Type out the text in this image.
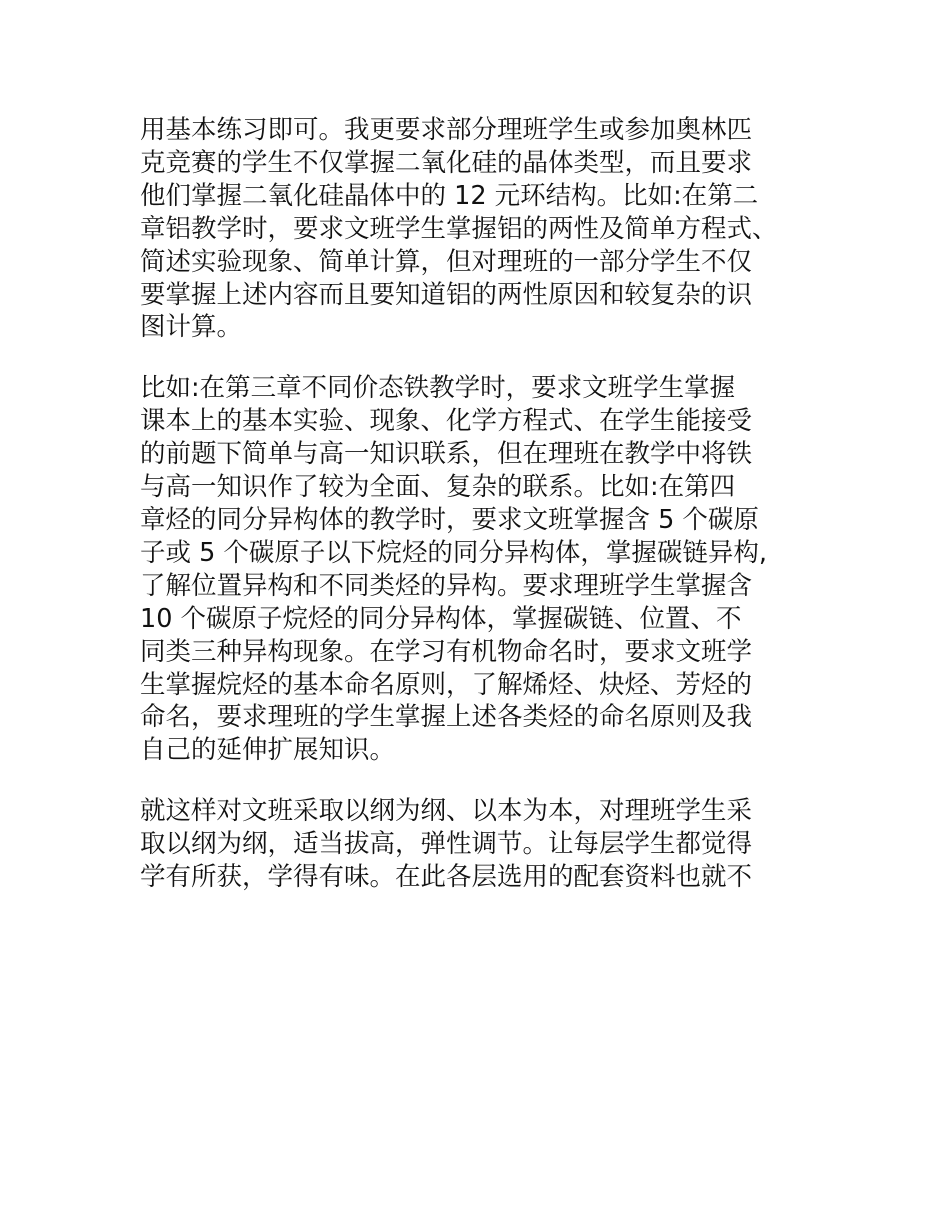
用基本练习即可。我更要求部分理班学生或参加奥林匹
克竞赛的学生不仅掌握二氧化硅的晶体类型，而且要求
他们掌握二氧化硅晶体中的 12 元环结构。比如:在第二
章铝教学时，要求文班学生掌握铝的两性及简单方程式、
简述实验现象、简单计算，但对理班的一部分学生不仅
要掌握上述内容而且要知道铝的两性原因和较复杂的识
图计算。
比如:在第三章不同价态铁教学时，要求文班学生掌握
课本上的基本实验、现象、化学方程式、在学生能接受
的前题下简单与高一知识联系，但在理班在教学中将铁
与高一知识作了较为全面、复杂的联系。比如:在第四
章烃的同分异构体的教学时，要求文班掌握含 5 个碳原
子或 5 个碳原子以下烷烃的同分异构体，掌握碳链异构,
了解位置异构和不同类烃的异构。要求理班学生掌握含
10 个碳原子烷烃的同分异构体，掌握碳链、位置、不
同类三种异构现象。在学习有机物命名时，要求文班学
生掌握烷烃的基本命名原则，了解烯烃、炔烃、芳烃的
命名，要求理班的学生掌握上述各类烃的命名原则及我
自己的延伸扩展知识。
就这样对文班采取以纲为纲、以本为本，对理班学生采
取以纲为纲，适当拔高，弹性调节。让每层学生都觉得
学有所获，学得有味。在此各层选用的配套资料也就不
